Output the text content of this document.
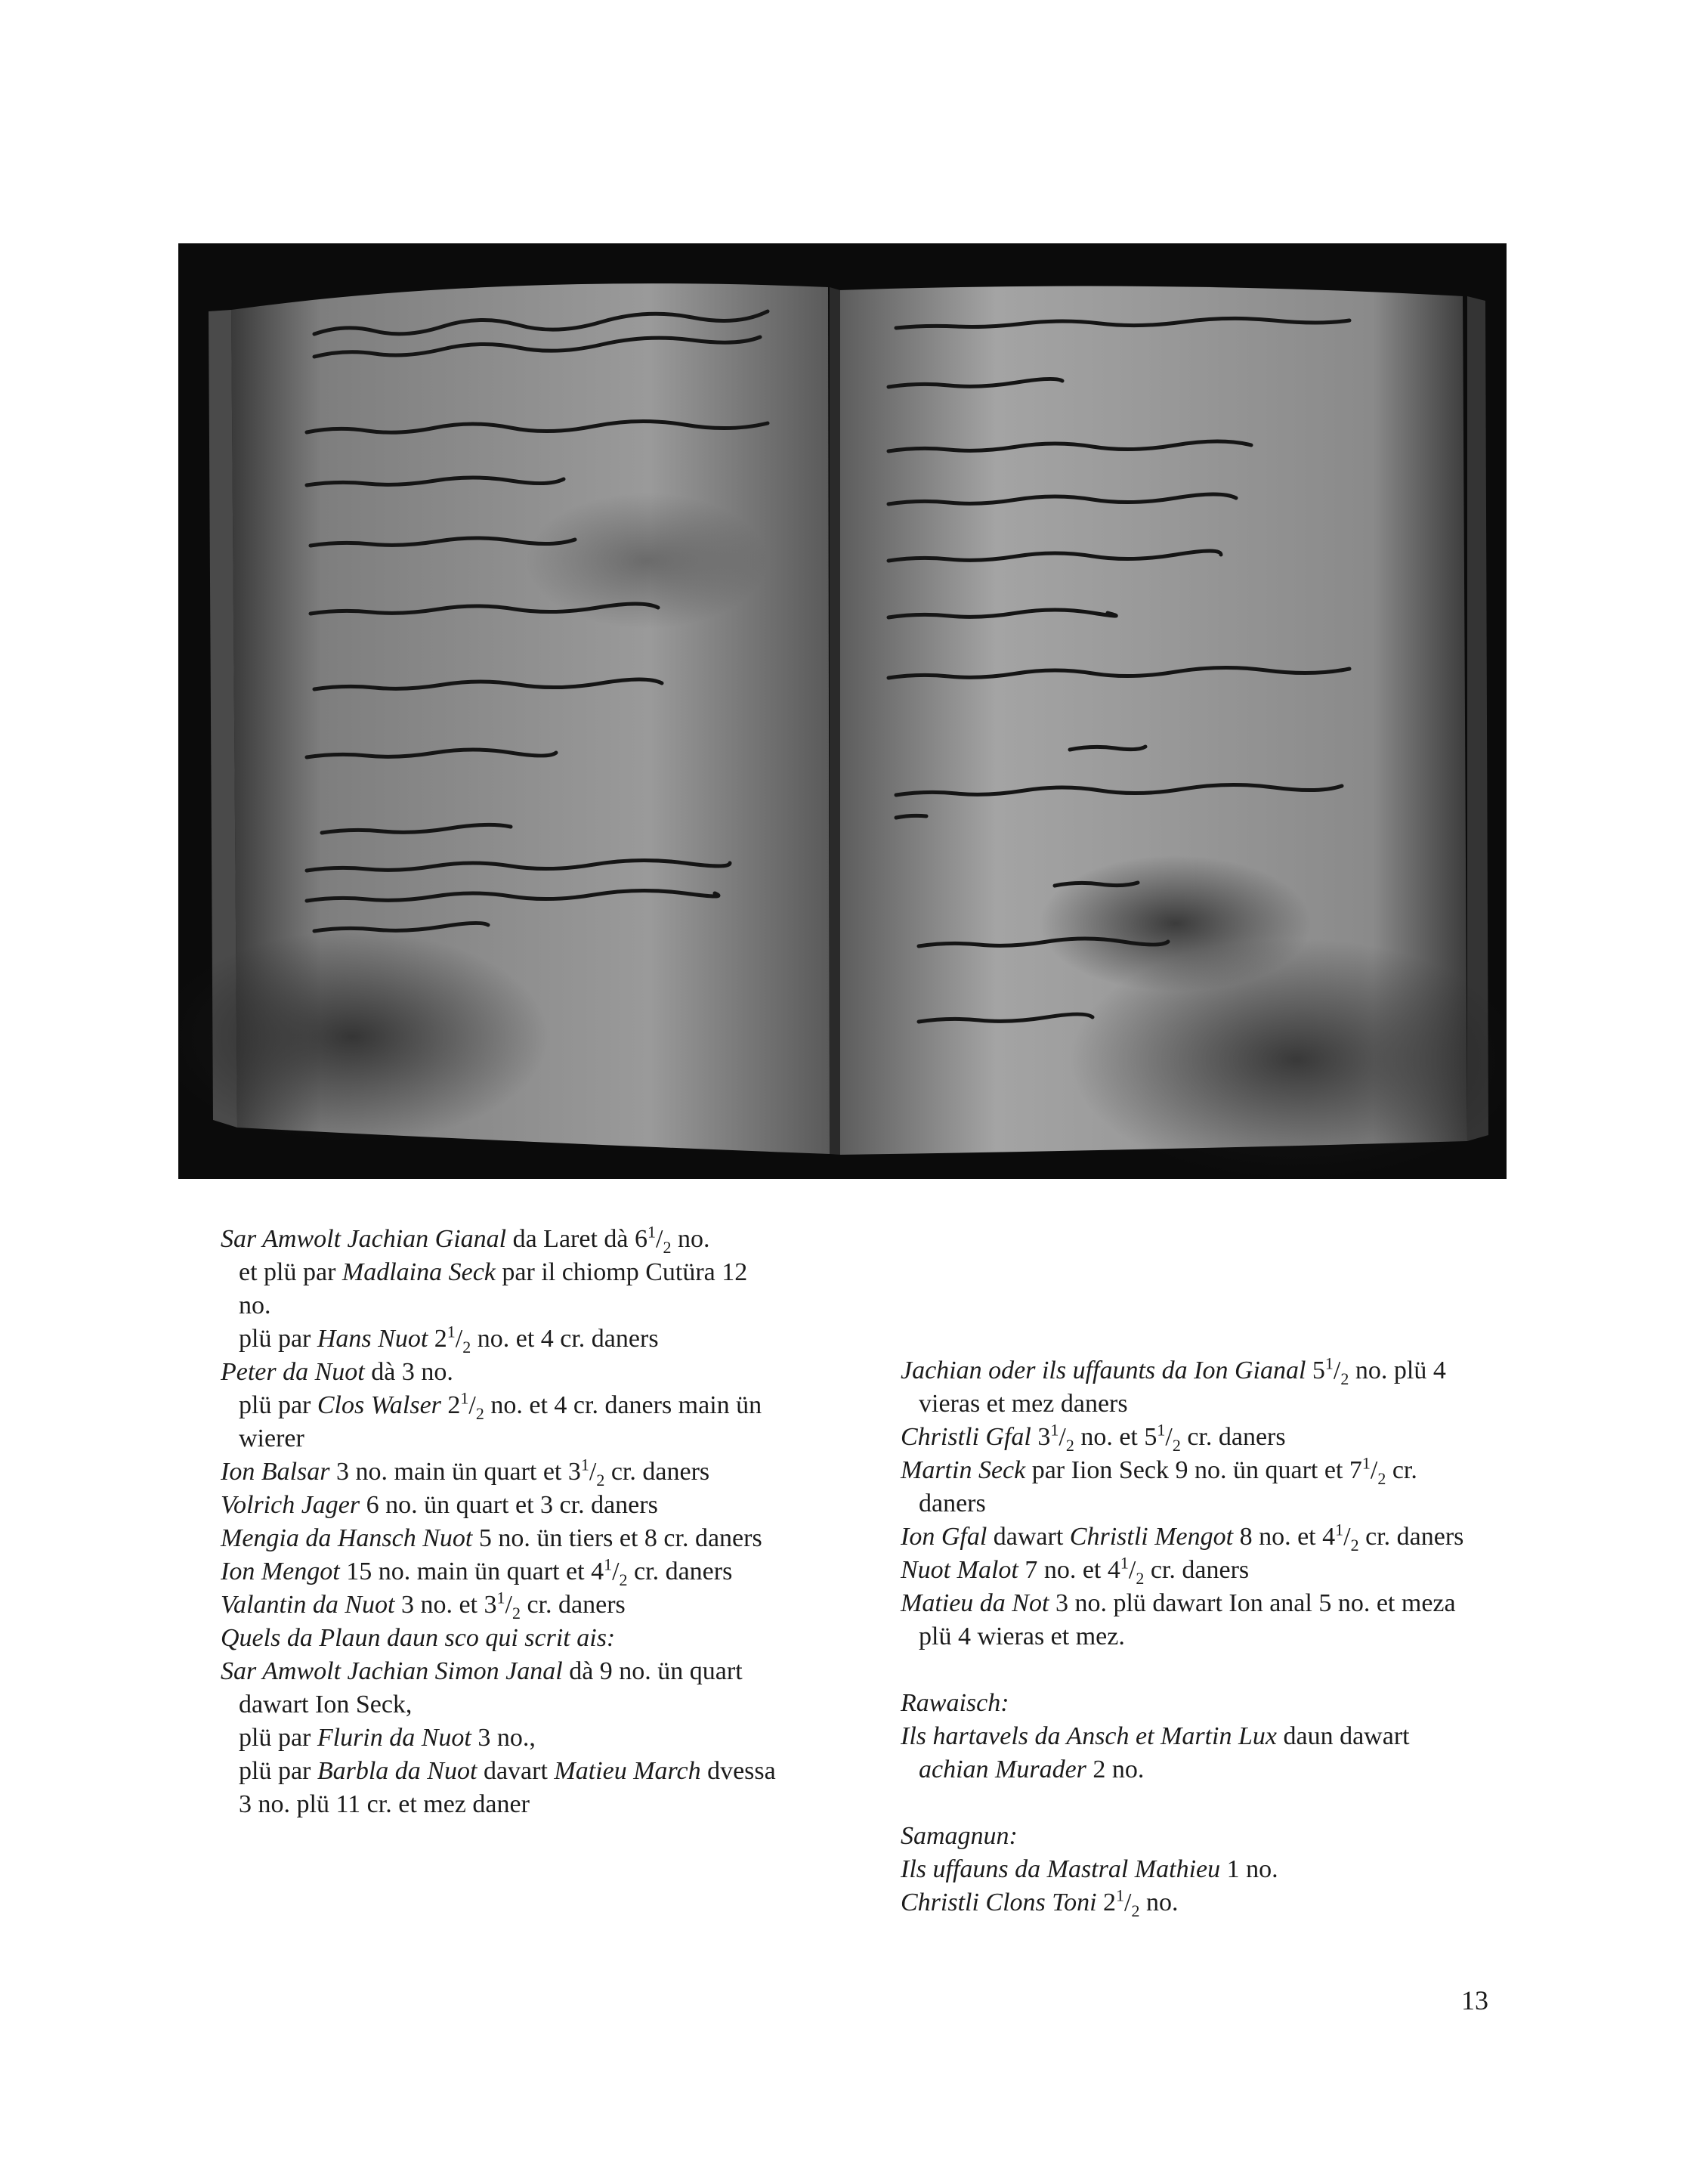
Sar Amwolt Jachian Gianal da Laret dà $6^1/_2$ no.

et plü par Madlaina Seck par il chiomp Cutüra 12 no.

plü par Hans Nuot $2^1/_2$ no. et 4 cr. daners

Peter da Nuot dà 3 no.

plü par Clos Walser $2^1/_2$ no. et 4 cr. daners main ün wierer

Ion Balsar 3 no. main ün quart et $3^1/_2$ cr. daners

Volrich Jager 6 no. ün quart et 3 cr. daners

Mengia da Hansch Nuot 5 no. ün tiers et 8 cr. daners

Ion Mengot 15 no. main ün quart et $4^1/_2$ cr. daners

Valantin da Nuot 3 no. et $3^1/_2$ cr. daners

Quels da Plaun daun sco qui scrit ais:

Sar Amwolt Jachian Simon Janal dà 9 no. ün quart dawart Ion Seck,

plü par Flurin da Nuot 3 no.,

plü par Barbla da Nuot davart Matieu March dvessa 3 no. plü 11 cr. et mez daner

Jachian oder ils uffaunts da Ion Gianal $5^1/_2$ no. plü 4 vieras et mez daners

Christli Gfal $3^1/_2$ no. et $5^1/_2$ cr. daners

Martin Seck par Iion Seck 9 no. ün quart et $7^1/_2$ cr. daners

Ion Gfal dawart Christli Mengot 8 no. et $4^1/_2$ cr. daners

Nuot Malot 7 no. et $4^1/_2$ cr. daners

Matieu da Not 3 no. plü dawart Ion anal 5 no. et meza plü 4 wieras et mez.

Rawaisch:

Ils hartavels da Ansch et Martin Lux daun dawart achian Murader 2 no.

Samagnun:

Ils uffauns da Mastral Mathieu 1 no.

Christli Clons Toni $2^1/_2$ no.

13
